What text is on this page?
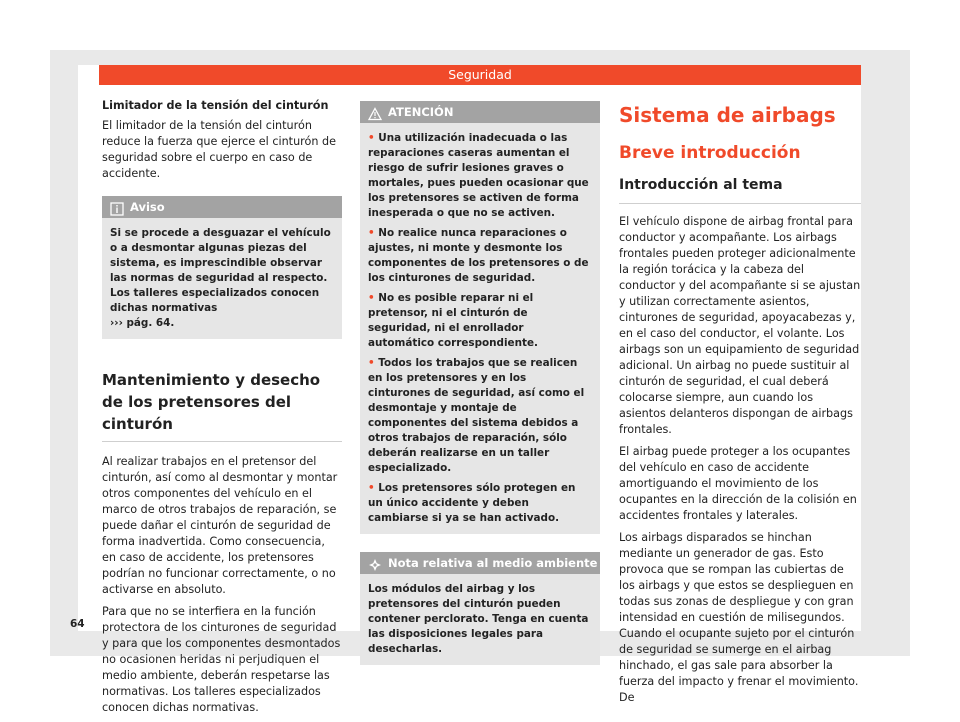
Seguridad
Limitador de la tensión del cinturón

El limitador de la tensión del cinturón reduce la fuerza que ejerce el cinturón de seguridad sobre el cuerpo en caso de accidente.

Aviso
Si se procede a desguazar el vehículo o a desmontar algunas piezas del sistema, es imprescindible observar las normas de seguridad al respecto. Los talleres especializados conocen dichas normativas
››› pág. 64.
Mantenimiento y desecho de los pretensores del cinturón

Al realizar trabajos en el pretensor del cinturón, así como al desmontar y montar otros componentes del vehículo en el marco de otros trabajos de reparación, se puede dañar el cinturón de seguridad de forma inadvertida. Como consecuencia, en caso de accidente, los pretensores podrían no funcionar correctamente, o no activarse en absoluto.

Para que no se interfiera en la función protectora de los cinturones de seguridad y para que los componentes desmontados no ocasionen heridas ni perjudiquen el medio ambiente, deberán respetarse las normativas. Los talleres especializados conocen dichas normativas.

ATENCIÓN
• Una utilización inadecuada o las reparaciones caseras aumentan el riesgo de sufrir lesiones graves o mortales, pues pueden ocasionar que los pretensores se activen de forma inesperada o que no se activen.
• No realice nunca reparaciones o ajustes, ni monte y desmonte los componentes de los pretensores o de los cinturones de seguridad.
• No es posible reparar ni el pretensor, ni el cinturón de seguridad, ni el enrollador automático correspondiente.
• Todos los trabajos que se realicen en los pretensores y en los cinturones de seguridad, así como el desmontaje y montaje de componentes del sistema debidos a otros trabajos de reparación, sólo deberán realizarse en un taller especializado.
• Los pretensores sólo protegen en un único accidente y deben cambiarse si ya se han activado.
Nota relativa al medio ambiente
Los módulos del airbag y los pretensores del cinturón pueden contener perclorato. Tenga en cuenta las disposiciones legales para desecharlas.
Sistema de airbags
Breve introducción
Introducción al tema

El vehículo dispone de airbag frontal para conductor y acompañante. Los airbags frontales pueden proteger adicionalmente la región torácica y la cabeza del conductor y del acompañante si se ajustan y utilizan correctamente asientos, cinturones de seguridad, apoyacabezas y, en el caso del conductor, el volante. Los airbags son un equipamiento de seguridad adicional. Un airbag no puede sustituir al cinturón de seguridad, el cual deberá colocarse siempre, aun cuando los asientos delanteros dispongan de airbags frontales.

El airbag puede proteger a los ocupantes del vehículo en caso de accidente amortiguando el movimiento de los ocupantes en la dirección de la colisión en accidentes frontales y laterales.

Los airbags disparados se hinchan mediante un generador de gas. Esto provoca que se rompan las cubiertas de los airbags y que estos se desplieguen en todas sus zonas de despliegue y con gran intensidad en cuestión de milisegundos. Cuando el ocupante sujeto por el cinturón de seguridad se sumerge en el airbag hinchado, el gas sale para absorber la fuerza del impacto y frenar el movimiento. De

64
